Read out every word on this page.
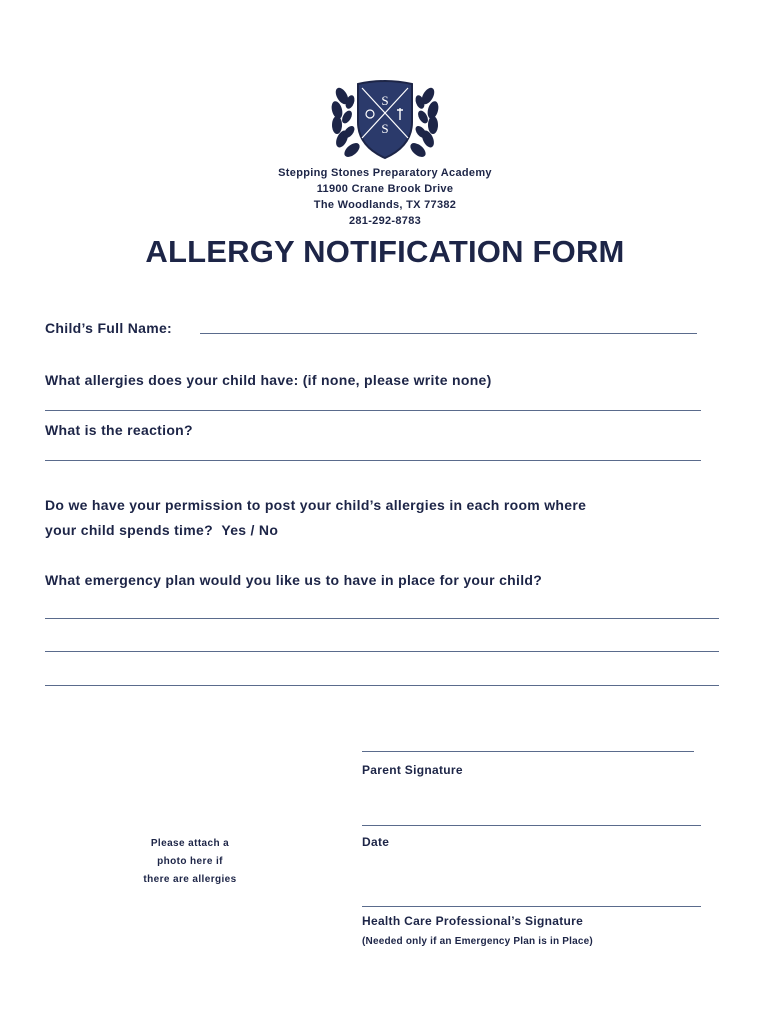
S
S
Stepping Stones Preparatory Academy
11900 Crane Brook Drive
The Woodlands, TX 77382
281-292-8783
ALLERGY NOTIFICATION FORM
Child’s Full Name:
What allergies does your child have: (if none, please write none)
What is the reaction?
Do we have your permission to post your child’s allergies in each room where
your child spends time? Yes / No
What emergency plan would you like us to have in place for your child?
Parent Signature
Date
Please attach a
photo here if
there are allergies
Health Care Professional’s Signature
(Needed only if an Emergency Plan is in Place)
